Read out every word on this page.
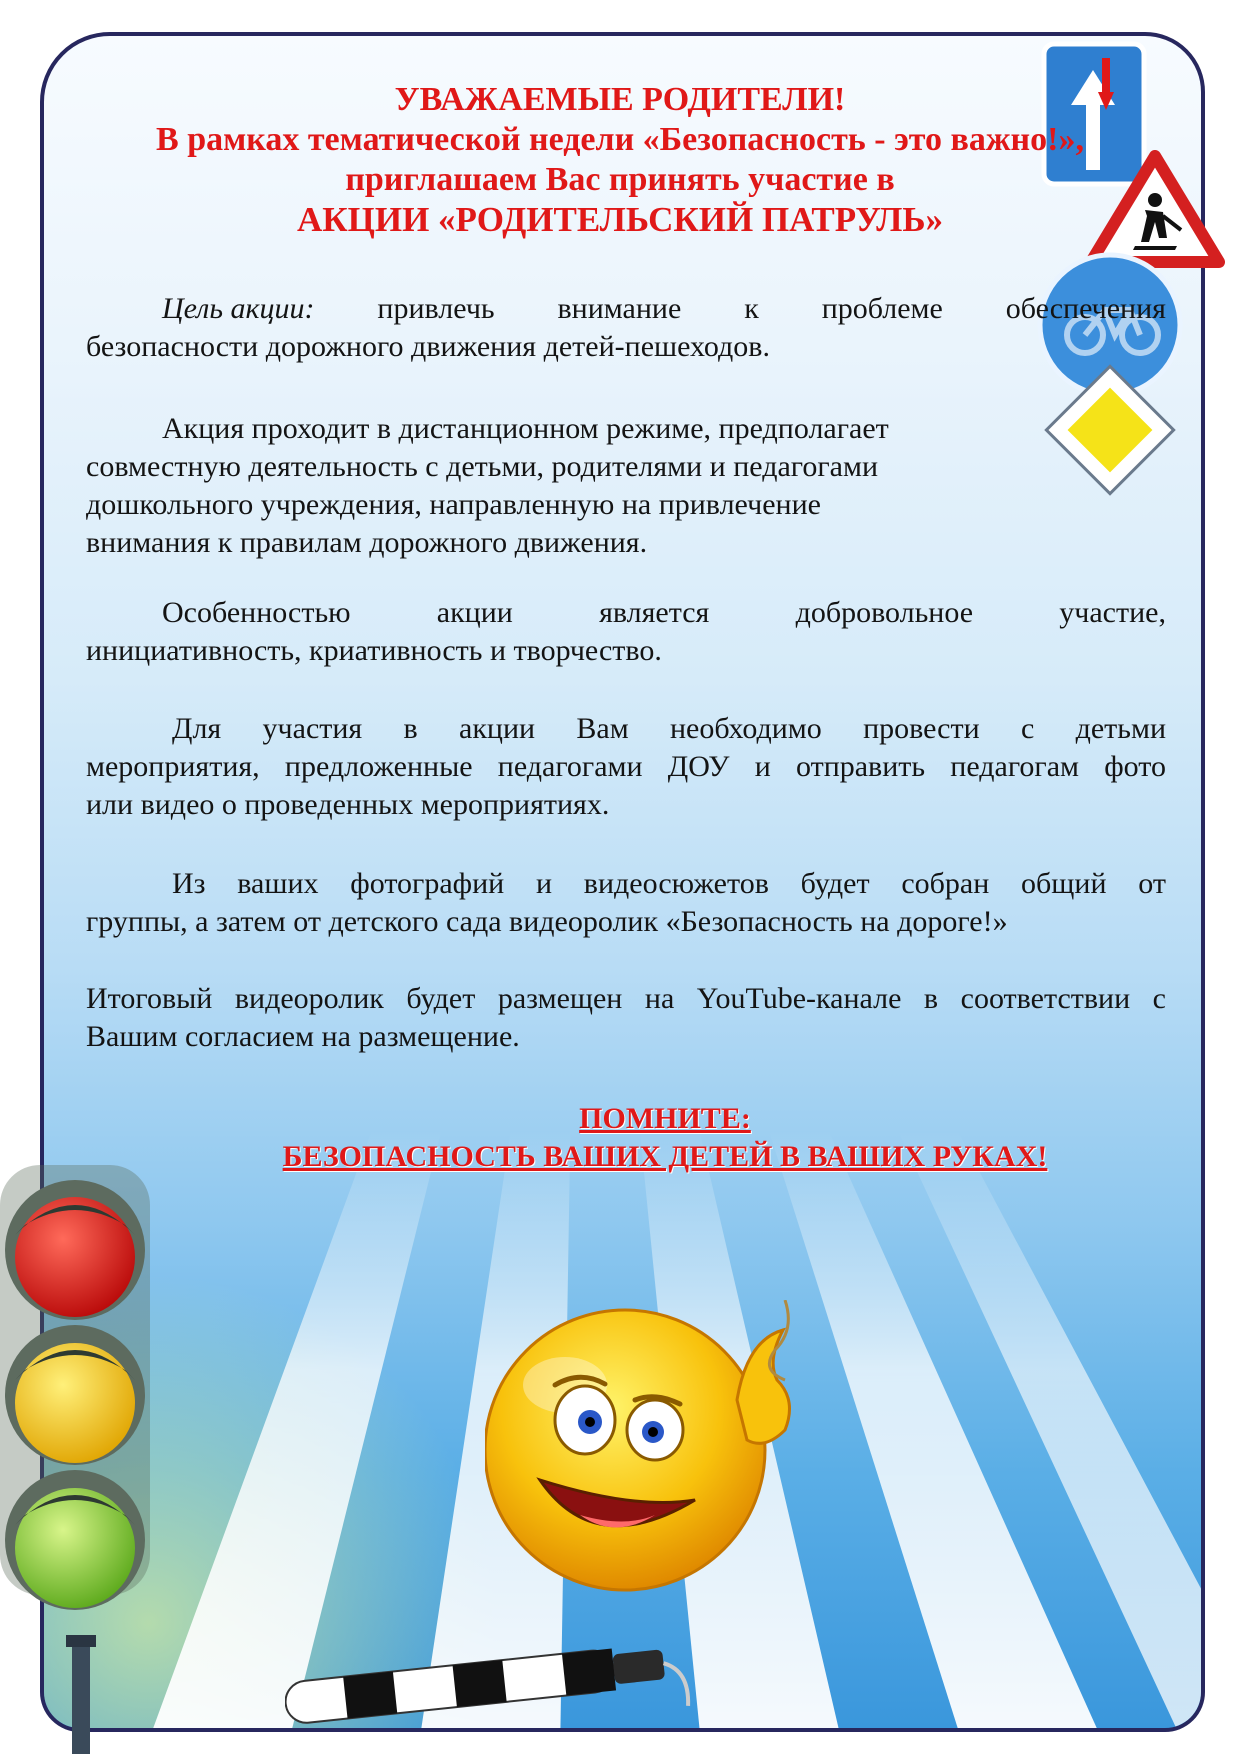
УВАЖАЕМЫЕ РОДИТЕЛИ!
В рамках тематической недели «Безопасность - это важно!»,
приглашаем Вас принять участие в
АКЦИИ «РОДИТЕЛЬСКИЙ ПАТРУЛЬ»
Цель акции: привлечь внимание к проблеме обеспечения
безопасности дорожного движения детей-пешеходов.
Акция проходит в дистанционном режиме, предполагает
совместную деятельность с детьми, родителями и педагогами
дошкольного учреждения, направленную на привлечение
внимания к правилам дорожного движения.
Особенностью	акции	является	добровольное	участие,
инициативность, криативность и творчество.
Для участия в акции Вам необходимо провести с детьми
мероприятия, предложенные педагогами ДОУ и отправить педагогам фото
или видео о проведенных мероприятиях.
Из ваших фотографий и видеосюжетов будет собран общий от
группы, а затем от детского сада видеоролик «Безопасность на дороге!»
Итоговый видеоролик будет размещен на YouTube-канале в соответствии с
Вашим согласием на размещение.
ПОМНИТЕ:
БЕЗОПАСНОСТЬ ВАШИХ ДЕТЕЙ В ВАШИХ РУКАХ!
